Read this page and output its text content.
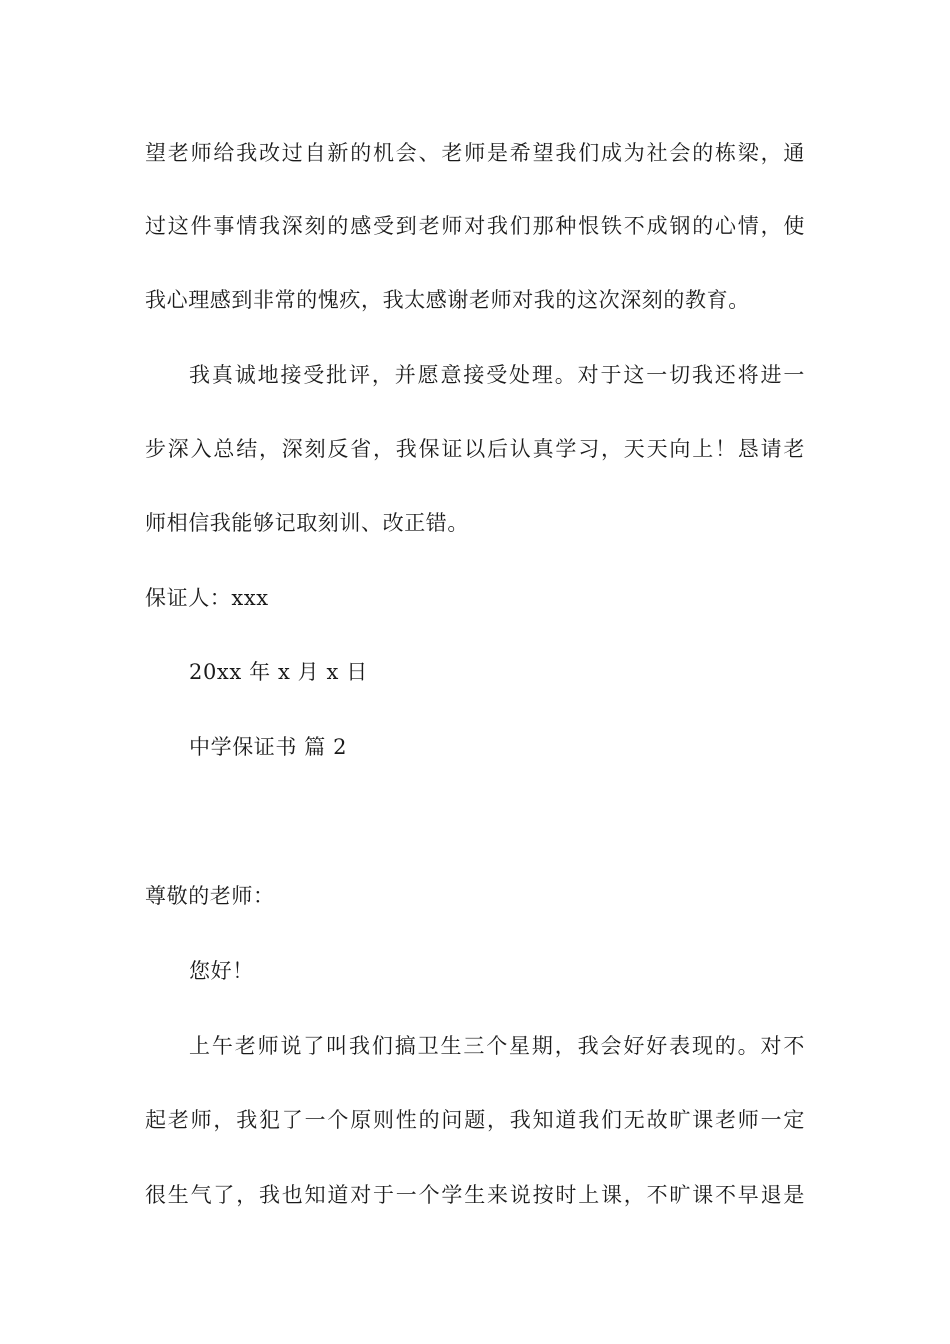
望老师给我改过自新的机会、老师是希望我们成为社会的栋梁，通
过这件事情我深刻的感受到老师对我们那种恨铁不成钢的心情，使
我心理感到非常的愧疚，我太感谢老师对我的这次深刻的教育。
我真诚地接受批评，并愿意接受处理。对于这一切我还将进一
步深入总结，深刻反省，我保证以后认真学习，天天向上！恳请老
师相信我能够记取刻训、改正错。
保证人：xxx
20xx 年 x 月 x 日
中学保证书 篇 2
尊敬的老师：
您好！
上午老师说了叫我们搞卫生三个星期，我会好好表现的。对不
起老师，我犯了一个原则性的问题，我知道我们无故旷课老师一定
很生气了，我也知道对于一个学生来说按时上课，不旷课不早退是
